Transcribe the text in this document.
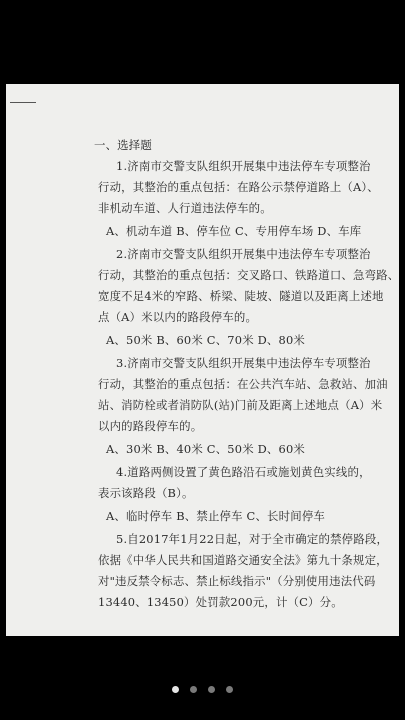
一、选择题
1.济南市交警支队组织开展集中违法停车专项整治
行动，其整治的重点包括：在路公示禁停道路上（A）、
非机动车道、人行道违法停车的。
A、机动车道 B、停车位 C、专用停车场 D、车库
2.济南市交警支队组织开展集中违法停车专项整治
行动，其整治的重点包括：交叉路口、铁路道口、急弯路、
宽度不足4米的窄路、桥梁、陡坡、隧道以及距离上述地
点（A）米以内的路段停车的。
A、50米 B、60米 C、70米 D、80米
3.济南市交警支队组织开展集中违法停车专项整治
行动，其整治的重点包括：在公共汽车站、急救站、加油
站、消防栓或者消防队(站)门前及距离上述地点（A）米
以内的路段停车的。
A、30米 B、40米 C、50米 D、60米
4.道路两侧设置了黄色路沿石或施划黄色实线的，
表示该路段（B）。
A、临时停车 B、禁止停车 C、长时间停车
5.自2017年1月22日起，对于全市确定的禁停路段，
依据《中华人民共和国道路交通安全法》第九十条规定，
对"违反禁令标志、禁止标线指示"（分别使用违法代码
13440、13450）处罚款200元，计（C）分。
